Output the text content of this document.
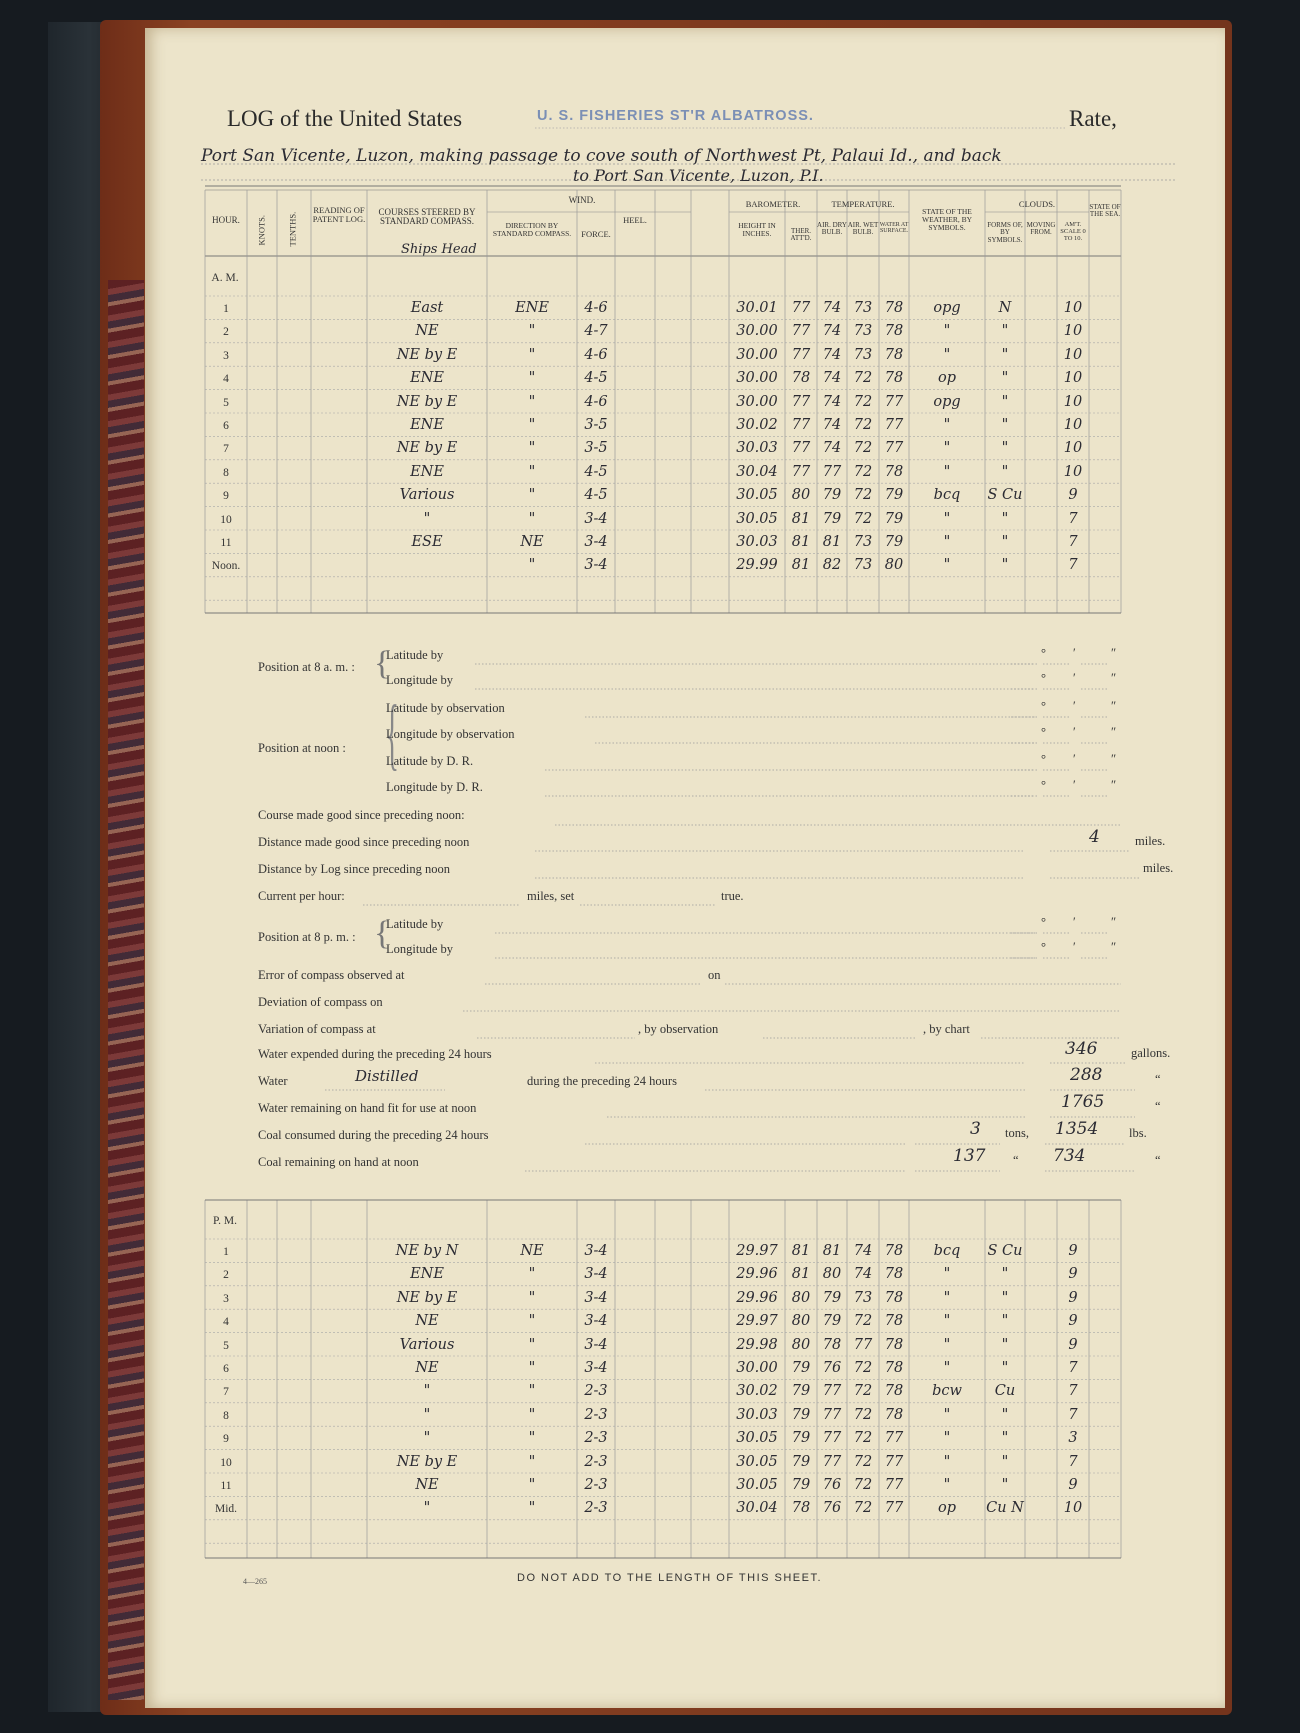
LOG of the United States	U. S. FISHERIES ST'R ALBATROSS.	Rate,
Port San Vicente, Luzon, making passage to cove south of Northwest Pt, Palaui Id., and back
to Port San Vicente, Luzon, P.I.
HOUR.	KNOTS. TENTHS.
READING OF PATENT LOG.
COURSES STEERED BY STANDARD COMPASS.
Ships Head
WIND.
DIRECTION BY STANDARD COMPASS.	FORCE.
HEEL.
BAROMETER.
HEIGHT IN INCHES.	THER. ATT'D.
TEMPERATURE.
AIR. DRY BULB.
AIR. WET BULB.
WATER AT SURFACE.
STATE OF THE WEATHER, BY SYMBOLS.
CLOUDS.
FORMS OF, BY SYMBOLS.
MOVING FROM.
AM'T. SCALE 0 TO 10.
STATE OF THE SEA.
A. M.
1	East	ENE	4-6	30.01 77 74 73 78	opg	N	10
2	NE	"	4-7	30.00 77 74 73 78	"	"	10
3	NE by E	"	4-6	30.00 77 74 73 78	"	"	10
4	ENE	"	4-5	30.00 78 74 72 78	op	"	10
5	NE by E	"	4-6	30.00 77 74 72 77	opg	"	10
6	ENE	"	3-5	30.02 77 74 72 77	"	"	10
7	NE by E	"	3-5	30.03 77 74 72 77	"	"	10
8	ENE	"	4-5	30.04 77 77 72 78	"	"	10
9	Various	"	4-5	30.05 80 79 72 79	bcq	S Cu	9
10	"	"	3-4	30.05 81 79 72 79	"	"	7
11	ESE	NE	3-4	30.03 81 81 73 79	"	"	7
Noon.	"	3-4	29.99 81 82 73 80	"	"	7
Position at 8 a. m. : {
Latitude by
Longitude by
Position at noon : {
Latitude by observation
Longitude by observation
Latitude by D. R.
Longitude by D. R.
Course made good since preceding noon:
Distance made good since preceding noon	4	miles.
Distance by Log since preceding noon	miles.
Current per hour:	miles, set	true.
Position at 8 p. m. : {
Latitude by
Longitude by
Error of compass observed at	on
Deviation of compass on
Variation of compass at	, by observation	, by chart
Water expended during the preceding 24 hours	346	gallons.
Water	Distilled	during the preceding 24 hours	288	“
Water remaining on hand fit for use at noon	1765	“
Coal consumed during the preceding 24 hours	3 tons, 1354 lbs.
Coal remaining on hand at noon	137 “ 734	“
° ′	″
° ′	″
° ′	″
° ′	″
° ′	″
° ′	″
° ′	″
° ′	″
P. M.
1	NE by N	NE	3-4	29.97 81 81 74 78	bcq	S Cu	9
2	ENE	"	3-4	29.96 81 80 74 78	"	"	9
3	NE by E	"	3-4	29.96 80 79 73 78	"	"	9
4	NE	"	3-4	29.97 80 79 72 78	"	"	9
5	Various	"	3-4	29.98 80 78 77 78	"	"	9
6	NE	"	3-4	30.00 79 76 72 78	"	"	7
7	"	"	2-3	30.02 79 77 72 78	bcw	Cu	7
8	"	"	2-3	30.03 79 77 72 78	"	"	7
9	"	"	2-3	30.05 79 77 72 77	"	"	3
10	NE by E	"	2-3	30.05 79 77 72 77	"	"	7
11	NE	"	2-3	30.05 79 76 72 77	"	"	9
Mid.	"	"	2-3	30.04 78 76 72 77	op	Cu N	10
4—265	DO NOT ADD TO THE LENGTH OF THIS SHEET.
